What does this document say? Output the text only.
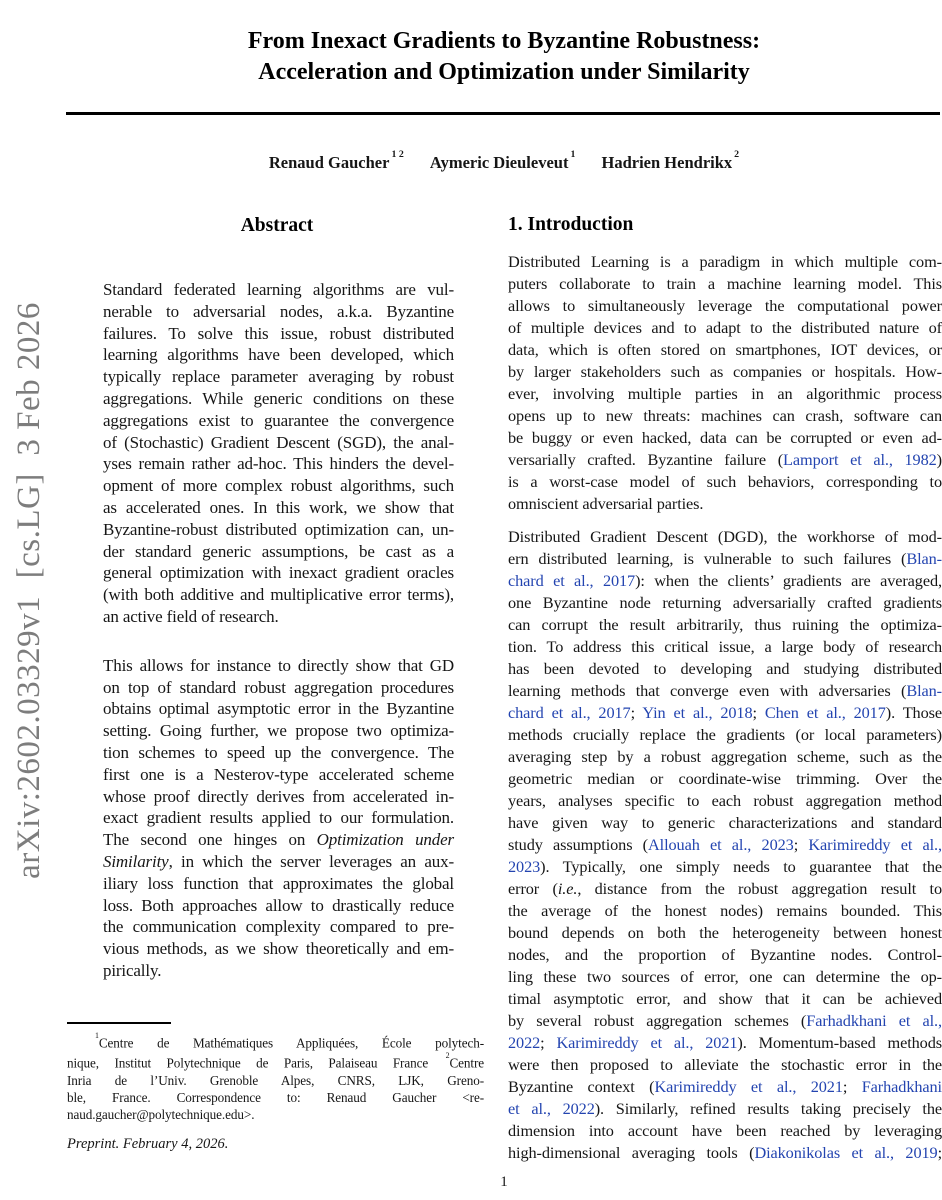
arXiv:2602.03329v1  [cs.LG]  3 Feb 2026
From Inexact Gradients to Byzantine Robustness:
Acceleration and Optimization under Similarity
Renaud Gaucher $^{1 2}$ Aymeric Dieuleveut $^1$ Hadrien Hendrikx $^2$
Abstract
Standard federated learning algorithms are vul-
nerable to adversarial nodes, a.k.a. Byzantine
failures. To solve this issue, robust distributed
learning algorithms have been developed, which
typically replace parameter averaging by robust
aggregations. While generic conditions on these
aggregations exist to guarantee the convergence
of (Stochastic) Gradient Descent (SGD), the anal-
yses remain rather ad-hoc. This hinders the devel-
opment of more complex robust algorithms, such
as accelerated ones. In this work, we show that
Byzantine-robust distributed optimization can, un-
der standard generic assumptions, be cast as a
general optimization with inexact gradient oracles
(with both additive and multiplicative error terms),
an active field of research.
This allows for instance to directly show that GD
on top of standard robust aggregation procedures
obtains optimal asymptotic error in the Byzantine
setting. Going further, we propose two optimiza-
tion schemes to speed up the convergence. The
first one is a Nesterov-type accelerated scheme
whose proof directly derives from accelerated in-
exact gradient results applied to our formulation.
The second one hinges on Optimization under
Similarity, in which the server leverages an aux-
iliary loss function that approximates the global
loss. Both approaches allow to drastically reduce
the communication complexity compared to pre-
vious methods, as we show theoretically and em-
pirically.
1. Introduction
Distributed Learning is a paradigm in which multiple com-
puters collaborate to train a machine learning model. This
allows to simultaneously leverage the computational power
of multiple devices and to adapt to the distributed nature of
data, which is often stored on smartphones, IOT devices, or
by larger stakeholders such as companies or hospitals. How-
ever, involving multiple parties in an algorithmic process
opens up to new threats: machines can crash, software can
be buggy or even hacked, data can be corrupted or even ad-
versarially crafted. Byzantine failure (Lamport et al., 1982)
is a worst-case model of such behaviors, corresponding to
omniscient adversarial parties.
Distributed Gradient Descent (DGD), the workhorse of mod-
ern distributed learning, is vulnerable to such failures (Blan-
chard et al., 2017): when the clients’ gradients are averaged,
one Byzantine node returning adversarially crafted gradients
can corrupt the result arbitrarily, thus ruining the optimiza-
tion. To address this critical issue, a large body of research
has been devoted to developing and studying distributed
learning methods that converge even with adversaries (Blan-
chard et al., 2017; Yin et al., 2018; Chen et al., 2017). Those
methods crucially replace the gradients (or local parameters)
averaging step by a robust aggregation scheme, such as the
geometric median or coordinate-wise trimming. Over the
years, analyses specific to each robust aggregation method
have given way to generic characterizations and standard
study assumptions (Allouah et al., 2023; Karimireddy et al.,
2023). Typically, one simply needs to guarantee that the
error (i.e., distance from the robust aggregation result to
the average of the honest nodes) remains bounded. This
bound depends on both the heterogeneity between honest
nodes, and the proportion of Byzantine nodes. Control-
ling these two sources of error, one can determine the op-
timal asymptotic error, and show that it can be achieved
by several robust aggregation schemes (Farhadkhani et al.,
2022; Karimireddy et al., 2021). Momentum-based methods
were then proposed to alleviate the stochastic error in the
Byzantine context (Karimireddy et al., 2021; Farhadkhani
et al., 2022). Similarly, refined results taking precisely the
dimension into account have been reached by leveraging
high-dimensional averaging tools (Diakonikolas et al., 2019;
$^1$Centre de Mathématiques Appliquées, École polytech-
nique, Institut Polytechnique de Paris, Palaiseau France $^2$Centre
Inria de l’Univ. Grenoble Alpes, CNRS, LJK, Greno-
ble, France. Correspondence to: Renaud Gaucher <re-
naud.gaucher@polytechnique.edu>.
Preprint. February 4, 2026.
1
